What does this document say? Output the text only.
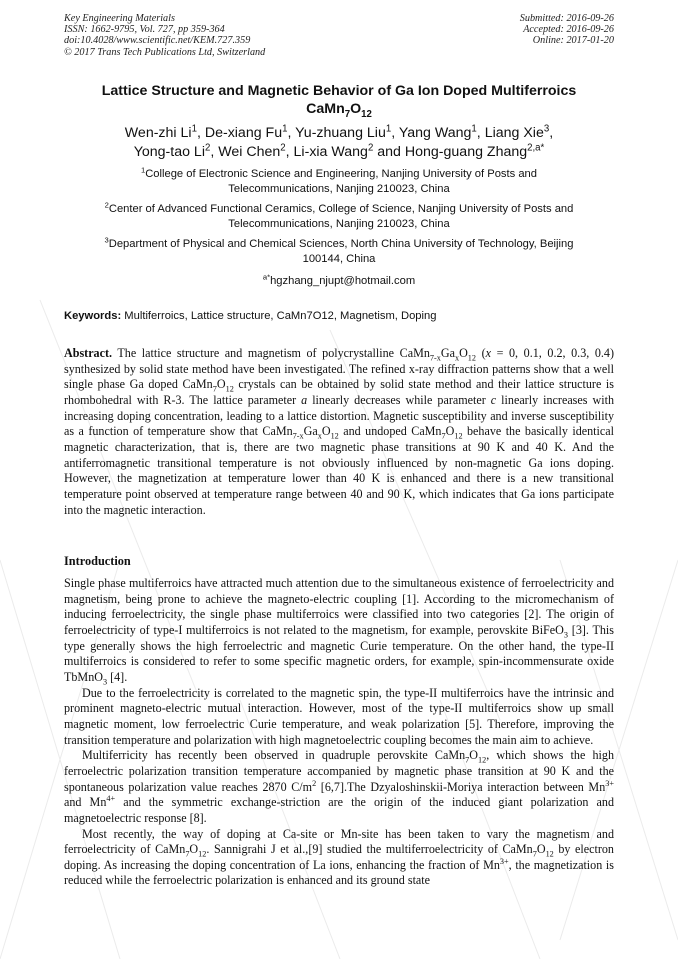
Key Engineering Materials
ISSN: 1662-9795, Vol. 727, pp 359-364
doi:10.4028/www.scientific.net/KEM.727.359
© 2017 Trans Tech Publications Ltd, Switzerland
Submitted: 2016-09-26
Accepted: 2016-09-26
Online: 2017-01-20
Lattice Structure and Magnetic Behavior of Ga Ion Doped Multiferroics
$CaMn_7O_{12}$
Wen-zhi Li$^1$, De-xiang Fu$^1$, Yu-zhuang Liu$^1$, Yang Wang$^1$, Liang Xie$^3$,
Yong-tao Li$^2$, Wei Chen$^2$, Li-xia Wang$^2$ and Hong-guang Zhang$^{2,a*}$
$^1$College of Electronic Science and Engineering, Nanjing University of Posts and
Telecommunications, Nanjing 210023, China
$^2$Center of Advanced Functional Ceramics, College of Science, Nanjing University of Posts and
Telecommunications, Nanjing 210023, China
$^3$Department of Physical and Chemical Sciences, North China University of Technology, Beijing
100144, China
$^{a*}$hgzhang_njupt@hotmail.com
Keywords: Multiferroics, Lattice structure, CaMn7O12, Magnetism, Doping

Abstract. The lattice structure and magnetism of polycrystalline $CaMn_{7-x}Ga_xO_{12}$ (x = 0, 0.1, 0.2, 0.3, 0.4) synthesized by solid state method have been investigated. The refined x-ray diffraction patterns show that a well single phase Ga doped $CaMn_7O_{12}$ crystals can be obtained by solid state method and their lattice structure is rhombohedral with R-3. The lattice parameter a linearly decreases while parameter c linearly increases with increasing doping concentration, leading to a lattice distortion. Magnetic susceptibility and inverse susceptibility as a function of temperature show that $CaMn_{7-x}Ga_xO_{12}$ and undoped $CaMn_7O_{12}$ behave the basically identical magnetic characterization, that is, there are two magnetic phase transitions at 90 K and 40 K. And the antiferromagnetic transitional temperature is not obviously influenced by non-magnetic Ga ions doping. However, the magnetization at temperature lower than 40 K is enhanced and there is a new transitional temperature point observed at temperature range between 40 and 90 K, which indicates that Ga ions participate into the magnetic interaction.

Introduction

Single phase multiferroics have attracted much attention due to the simultaneous existence of ferroelectricity and magnetism, being prone to achieve the magneto-electric coupling [1]. According to the micromechanism of inducing ferroelectricity, the single phase multiferroics were classified into two categories [2]. The origin of ferroelectricity of type-I multiferroics is not related to the magnetism, for example, perovskite BiFeO$_3$ [3]. This type generally shows the high ferroelectric and magnetic Curie temperature. On the other hand, the type-II multiferroics is considered to refer to some specific magnetic orders, for example, spin-incommensurate oxide TbMnO$_3$ [4].

Due to the ferroelectricity is correlated to the magnetic spin, the type-II multiferroics have the intrinsic and prominent magneto-electric mutual interaction. However, most of the type-II multiferroics show up small magnetic moment, low ferroelectric Curie temperature, and weak polarization [5]. Therefore, improving the transition temperature and polarization with high magnetoelectric coupling becomes the main aim to achieve.

Multiferricity has recently been observed in quadruple perovskite $CaMn_7O_{12}$, which shows the high ferroelectric polarization transition temperature accompanied by magnetic phase transition at 90 K and the spontaneous polarization value reaches 2870 $C/m^2$ [6,7].The Dzyaloshinskii-Moriya interaction between $Mn^{3+}$ and $Mn^{4+}$ and the symmetric exchange-striction are the origin of the induced giant polarization and magnetoelectric response [8].

Most recently, the way of doping at Ca-site or Mn-site has been taken to vary the magnetism and ferroelectricity of $CaMn_7O_{12}$. Sannigrahi J et al.,[9] studied the multiferroelectricity of $CaMn_7O_{12}$ by electron doping. As increasing the doping concentration of La ions, enhancing the fraction of $Mn^{3+}$, the magnetization is reduced while the ferroelectric polarization is enhanced and its ground state
